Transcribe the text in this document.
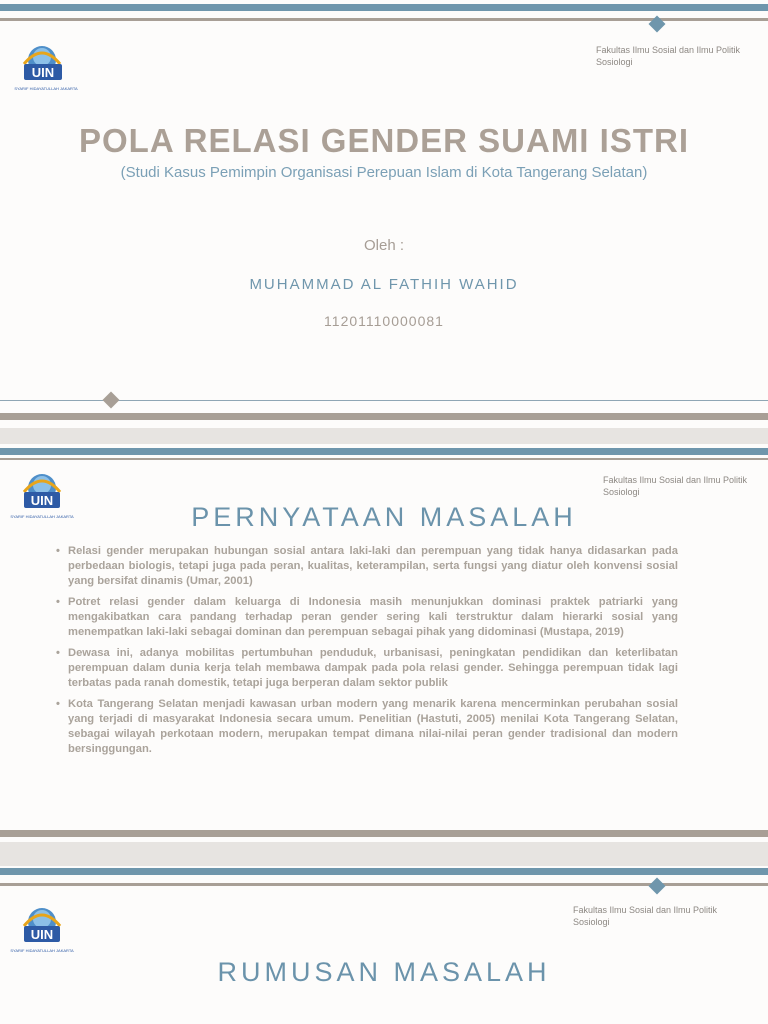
UIN
SYARIF HIDAYATULLAH JAKARTA
Fakultas Ilmu Sosial dan Ilmu Politik
Sosiologi
POLA RELASI GENDER SUAMI ISTRI
(Studi Kasus Pemimpin Organisasi Perepuan Islam di Kota Tangerang Selatan)
Oleh :
MUHAMMAD AL FATHIH WAHID
11201110000081
UIN
SYARIF HIDAYATULLAH JAKARTA
Fakultas Ilmu Sosial dan Ilmu Politik
Sosiologi
PERNYATAAN MASALAH
• Relasi gender merupakan hubungan sosial antara laki-laki dan perempuan yang tidak hanya didasarkan pada perbedaan biologis, tetapi juga pada peran, kualitas, keterampilan, serta fungsi yang diatur oleh konvensi sosial yang bersifat dinamis (Umar, 2001)
• Potret relasi gender dalam keluarga di Indonesia masih menunjukkan dominasi praktek patriarki yang mengakibatkan cara pandang terhadap peran gender sering kali terstruktur dalam hierarki sosial yang menempatkan laki-laki sebagai dominan dan perempuan sebagai pihak yang didominasi (Mustapa, 2019)
• Dewasa ini, adanya mobilitas pertumbuhan penduduk, urbanisasi, peningkatan pendidikan dan keterlibatan perempuan dalam dunia kerja telah membawa dampak pada pola relasi gender. Sehingga perempuan tidak lagi terbatas pada ranah domestik, tetapi juga berperan dalam sektor publik
• Kota Tangerang Selatan menjadi kawasan urban modern yang menarik karena mencerminkan perubahan sosial yang terjadi di masyarakat Indonesia secara umum. Penelitian (Hastuti, 2005) menilai Kota Tangerang Selatan, sebagai wilayah perkotaan modern, merupakan tempat dimana nilai-nilai peran gender tradisional dan modern bersinggungan.
UIN
SYARIF HIDAYATULLAH JAKARTA
Fakultas Ilmu Sosial dan Ilmu Politik
Sosiologi
RUMUSAN MASALAH
